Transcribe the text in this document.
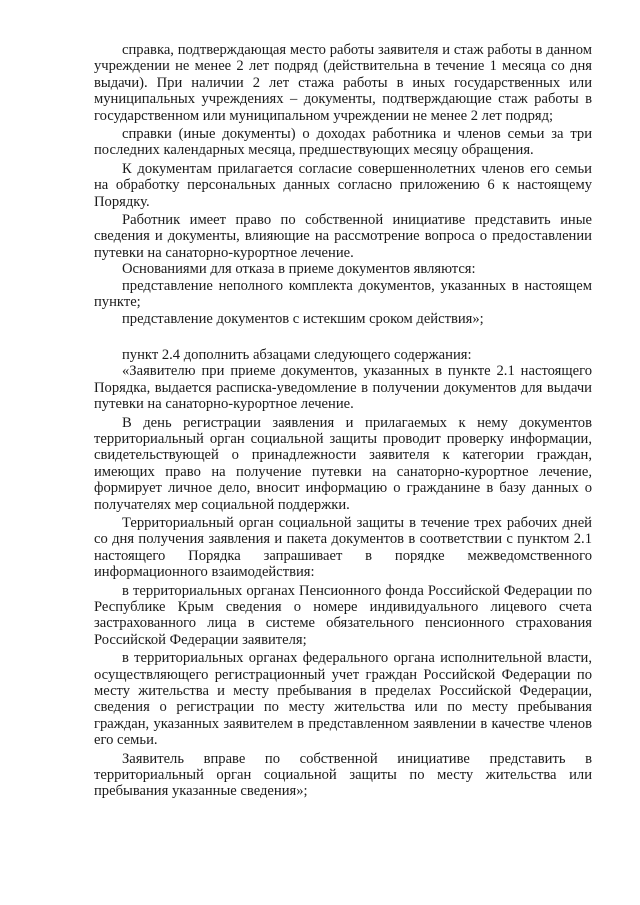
справка, подтверждающая место работы заявителя и стаж работы в данном учреждении не менее 2 лет подряд (действительна в течение 1 месяца со дня выдачи). При наличии 2 лет стажа работы в иных государственных или муниципальных учреждениях – документы, подтверждающие стаж работы в государственном или муниципальном учреждении не менее 2 лет подряд;

справки (иные документы) о доходах работника и членов семьи за три последних календарных месяца, предшествующих месяцу обращения.

К документам прилагается согласие совершеннолетних членов его семьи на обработку персональных данных согласно приложению 6 к настоящему Порядку.

Работник имеет право по собственной инициативе представить иные сведения и документы, влияющие на рассмотрение вопроса о предоставлении путевки на санаторно-курортное лечение.

Основаниями для отказа в приеме документов являются:

представление неполного комплекта документов, указанных в настоящем пункте;

представление документов с истекшим сроком действия»;

пункт 2.4 дополнить абзацами следующего содержания:

«Заявителю при приеме документов, указанных в пункте 2.1 настоящего Порядка, выдается расписка-уведомление в получении документов для выдачи путевки на санаторно-курортное лечение.

В день регистрации заявления и прилагаемых к нему документов территориальный орган социальной защиты проводит проверку информации, свидетельствующей о принадлежности заявителя к категории граждан, имеющих право на получение путевки на санаторно-курортное лечение, формирует личное дело, вносит информацию о гражданине в базу данных о получателях мер социальной поддержки.

Территориальный орган социальной защиты в течение трех рабочих дней со дня получения заявления и пакета документов в соответствии с пунктом 2.1 настоящего Порядка запрашивает в порядке межведомственного информационного взаимодействия:

в территориальных органах Пенсионного фонда Российской Федерации по Республике Крым сведения о номере индивидуального лицевого счета застрахованного лица в системе обязательного пенсионного страхования Российской Федерации заявителя;

в территориальных органах федерального органа исполнительной власти, осуществляющего регистрационный учет граждан Российской Федерации по месту жительства и месту пребывания в пределах Российской Федерации, сведения о регистрации по месту жительства или по месту пребывания граждан, указанных заявителем в представленном заявлении в качестве членов его семьи.

Заявитель вправе по собственной инициативе представить в территориальный орган социальной защиты по месту жительства или пребывания указанные сведения»;
